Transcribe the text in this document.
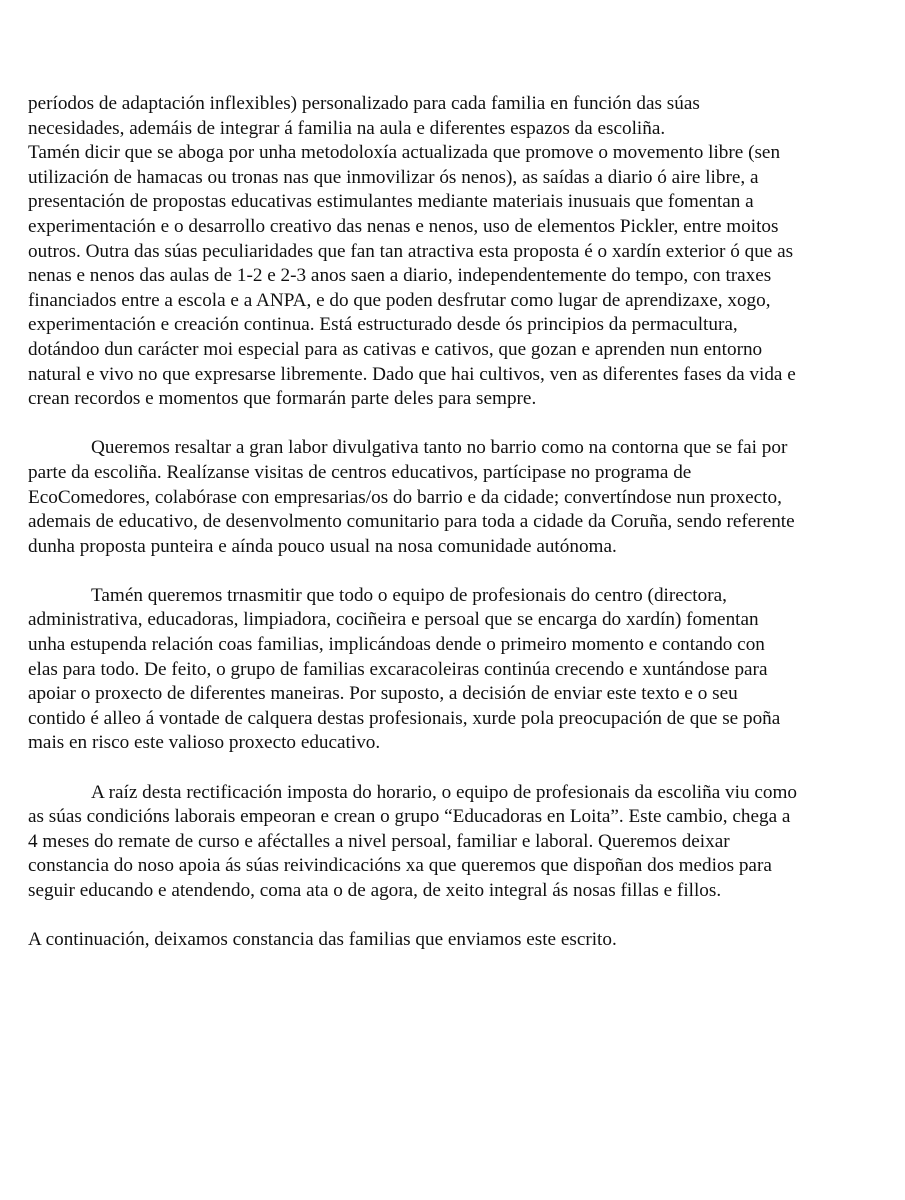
períodos de adaptación inflexibles) personalizado para cada familia en función das súas
necesidades, ademáis de integrar á familia na aula e diferentes espazos da escoliña.
Tamén dicir que se aboga por unha metodoloxía actualizada que promove o movemento libre (sen
utilización de hamacas ou tronas nas que inmovilizar ós nenos), as saídas a diario ó aire libre, a
presentación de propostas educativas estimulantes mediante materiais inusuais que fomentan a
experimentación e o desarrollo creativo das nenas e nenos, uso de elementos Pickler, entre moitos
outros. Outra das súas peculiaridades que fan tan atractiva esta proposta é o xardín exterior ó que as
nenas e nenos das aulas de 1-2 e 2-3 anos saen a diario, independentemente do tempo, con traxes
financiados entre a escola e a ANPA, e do que poden desfrutar como lugar de aprendizaxe, xogo,
experimentación e creación continua. Está estructurado desde ós principios da permacultura,
dotándoo dun carácter moi especial para as cativas e cativos, que gozan e aprenden nun entorno
natural e vivo no que expresarse libremente. Dado que hai cultivos, ven as diferentes fases da vida e
crean recordos e momentos que formarán parte deles para sempre.

Queremos resaltar a gran labor divulgativa tanto no barrio como na contorna que se fai por
parte da escoliña. Realízanse visitas de centros educativos, partícipase no programa de
EcoComedores, colabórase con empresarias/os do barrio e da cidade; convertíndose nun proxecto,
ademais de educativo, de desenvolmento comunitario para toda a cidade da Coruña, sendo referente
dunha proposta punteira e aínda pouco usual na nosa comunidade autónoma.

Tamén queremos trnasmitir que todo o equipo de profesionais do centro (directora,
administrativa, educadoras, limpiadora, cociñeira e persoal que se encarga do xardín) fomentan
unha estupenda relación coas familias, implicándoas dende o primeiro momento e contando con
elas para todo. De feito, o grupo de familias excaracoleiras continúa crecendo e xuntándose para
apoiar o proxecto de diferentes maneiras. Por suposto, a decisión de enviar este texto e o seu
contido é alleo á vontade de calquera destas profesionais, xurde pola preocupación de que se poña
mais en risco este valioso proxecto educativo.

A raíz desta rectificación imposta do horario, o equipo de profesionais da escoliña viu como
as súas condicións laborais empeoran e crean o grupo “Educadoras en Loita”. Este cambio, chega a
4 meses do remate de curso e aféctalles a nivel persoal, familiar e laboral. Queremos deixar
constancia do noso apoia ás súas reivindicacións xa que queremos que dispoñan dos medios para
seguir educando e atendendo, coma ata o de agora, de xeito integral ás nosas fillas e fillos.

A continuación, deixamos constancia das familias que enviamos este escrito.
